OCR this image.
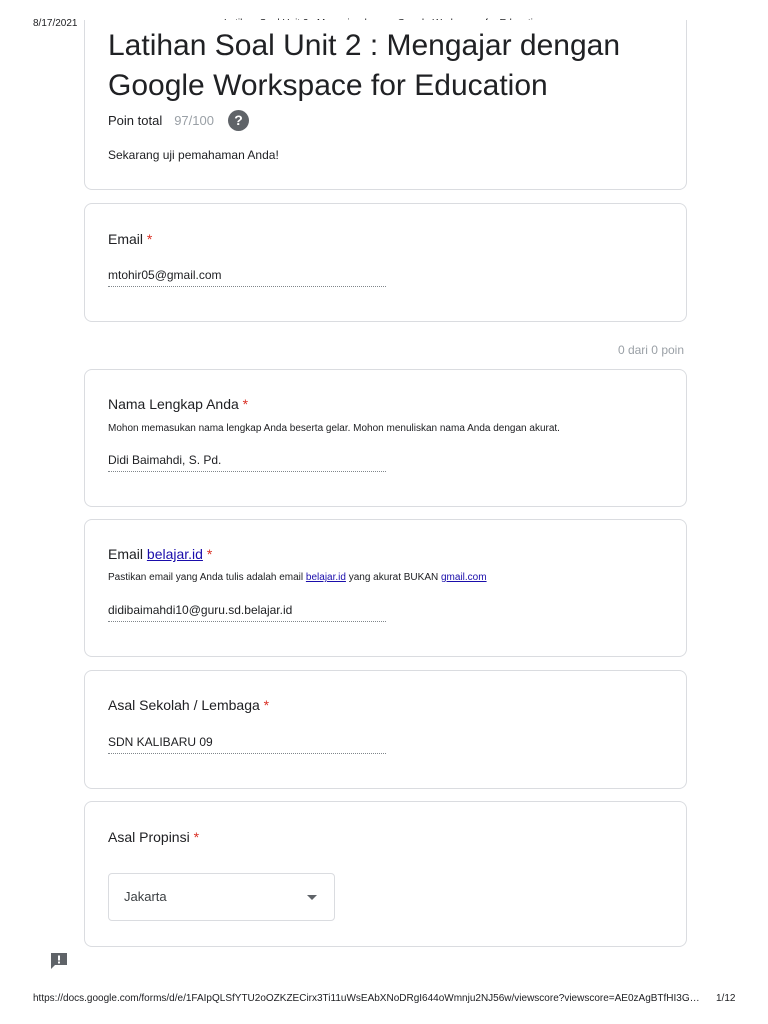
8/17/2021
Latihan Soal Unit 2 : Mengajar dengan Google Workspace for Education
Poin total 97/100	?
Sekarang uji pemahaman Anda!
Email *
mtohir05@gmail.com
0 dari 0 poin
Nama Lengkap Anda *
Mohon memasukan nama lengkap Anda beserta gelar. Mohon menuliskan nama Anda dengan akurat.
Didi Baimahdi, S. Pd.
Email belajar.id *
Pastikan email yang Anda tulis adalah email belajar.id yang akurat BUKAN gmail.com
didibaimahdi10@guru.sd.belajar.id
Asal Sekolah / Lembaga *
SDN KALIBARU 09
Asal Propinsi *
Jakarta
https://docs.google.com/forms/d/e/1FAIpQLSfYTU2oOZKZECirx3Ti11uWsEAbXNoDRgI644oWmnju2NJ56w/viewscore?viewscore=AE0zAgBTfHI3G…	1/12
